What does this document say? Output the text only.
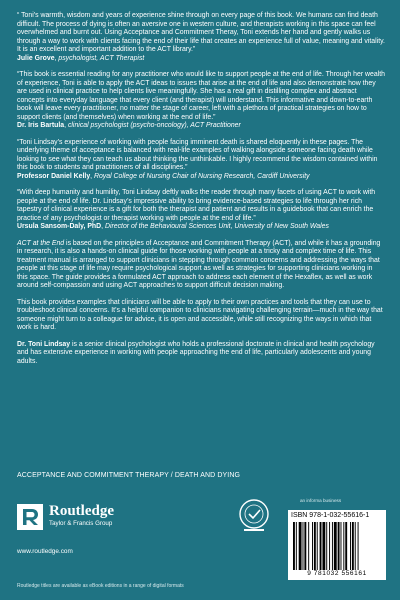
“ Toni’s warmth, wisdom and years of experience shine through on every page of this book. We humans can find death difficult. The process of dying is often an aversive one in western culture, and therapists working in this space can feel overwhelmed and burnt out. Using Acceptance and Commitment Theray, Toni extends her hand and gently walks us through a way to work with clients facing the end of their life that creates an experience full of value, meaning and vitality. It is an excellent and important addition to the ACT library.”

Julie Grove, psychologist, ACT Therapist

“This book is essential reading for any practitioner who would like to support people at the end of life. Through her wealth of experience, Toni is able to apply the ACT ideas to issues that arise at the end of life and also demonstrate how they are used in clinical practice to help clients live meaningfully. She has a real gift in distilling complex and abstract concepts into everyday language that every client (and therapist) will understand. This informative and down-to-earth book will leave every practitioner, no matter the stage of career, left with a plethora of practical strategies on how to support clients (and themselves) when working at the end of life.”

Dr. Iris Bartula, clinical psychologist (psycho-oncology), ACT Practitioner

“Toni Lindsay’s experience of working with people facing imminent death is shared eloquently in these pages. The underlying theme of acceptance is balanced with real-life examples of walking alongside someone facing death while looking to see what they can teach us about thinking the unthinkable. I highly recommend the wisdom contained within this book to students and practitioners of all disciplines.”

Professor Daniel Kelly, Royal College of Nursing Chair of Nursing Research, Cardiff University

“With deep humanity and humility, Toni Lindsay deftly walks the reader through many facets of using ACT to work with people at the end of life. Dr. Lindsay’s impressive ability to bring evidence-based strategies to life through her rich tapestry of clinical experience is a gift for both the therapist and patient and results in a guidebook that can enrich the practice of any psychologist or therapist working with people at the end of life.”

Ursula Sansom-Daly, PhD, Director of the Behavioural Sciences Unit, University of New South Wales

ACT at the End is based on the principles of Acceptance and Commitment Therapy (ACT), and while it has a grounding in research, it is also a hands-on clinical guide for those working with people at a tricky and complex time of life. This treatment manual is arranged to support clinicians in stepping through common concerns and addressing the ways that people at this stage of life may require psychological support as well as strategies for supporting clinicians working in this space. The guide provides a formulated ACT approach to address each element of the Hexaflex, as well as work around self-compassion and using ACT approaches to support difficult decision making.

This book provides examples that clinicians will be able to apply to their own practices and tools that they can use to troubleshoot clinical concerns. It’s a helpful companion to clinicians navigating challenging terrain—much in the way that someone might turn to a colleague for advice, it is open and accessible, while still recognizing the ways in which that work is hard.

Dr. Toni Lindsay is a senior clinical psychologist who holds a professional doctorate in clinical and health psychology and has extensive experience in working with people approaching the end of life, particularly adolescents and young adults.

ACCEPTANCE AND COMMITMENT THERAPY / DEATH AND DYING
Routledge
Taylor & Francis Group
www.routledge.com
Routledge titles are available as eBook editions in a range of digital formats
an informa business
ISBN 978-1-032-55616-1
9 781032 556161
